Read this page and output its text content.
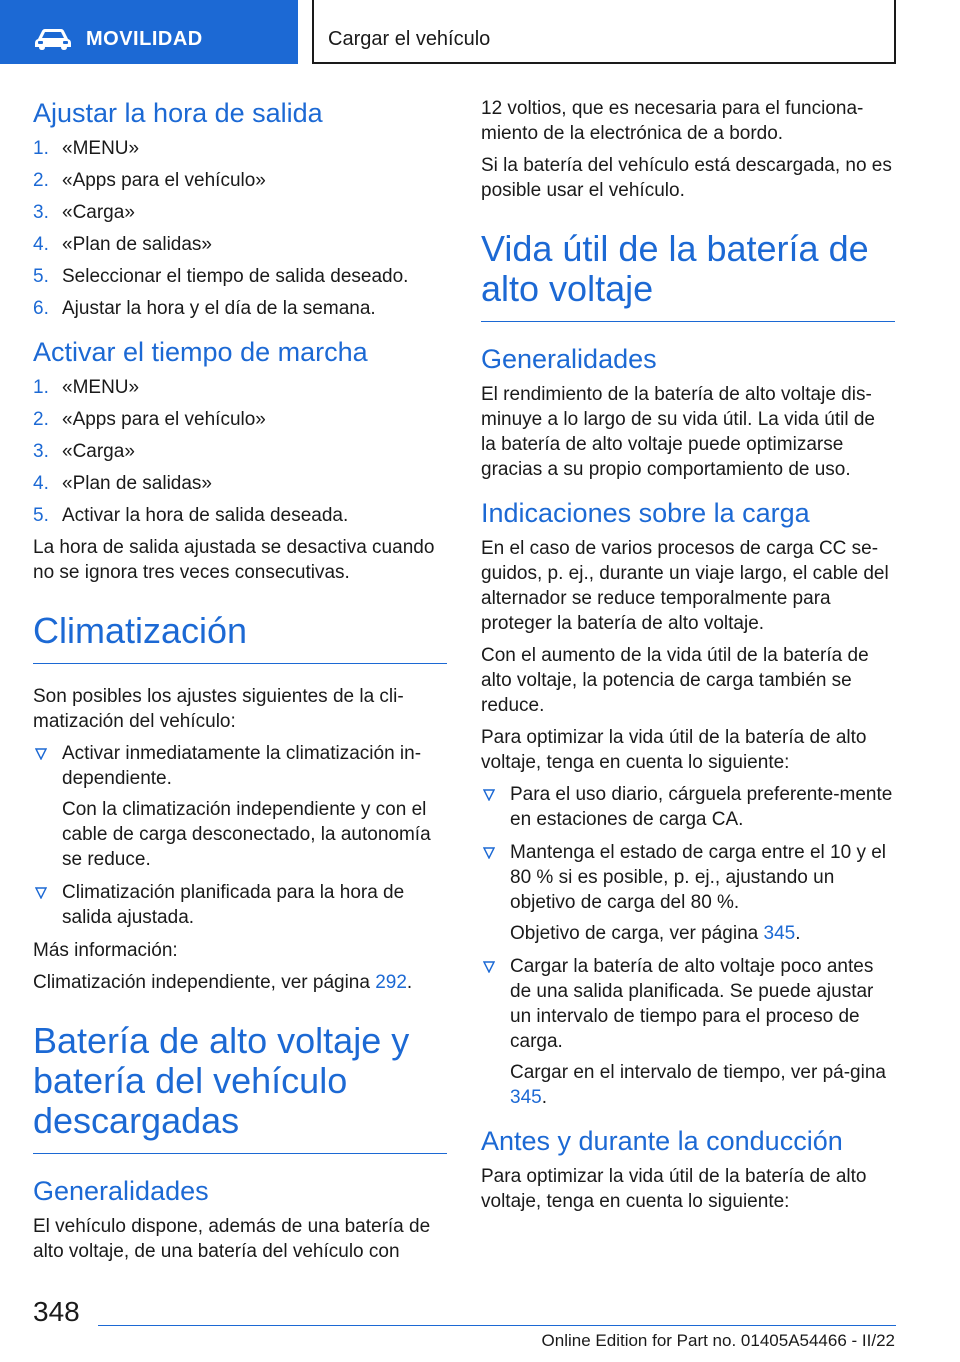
MOVILIDAD	Cargar el vehículo
Ajustar la hora de salida
1. «MENU»
2. «Apps para el vehículo»
3. «Carga»
4. «Plan de salidas»
5. Seleccionar el tiempo de salida deseado.
6. Ajustar la hora y el día de la semana.
Activar el tiempo de marcha
1. «MENU»
2. «Apps para el vehículo»
3. «Carga»
4. «Plan de salidas»
5. Activar la hora de salida deseada.

La hora de salida ajustada se desactiva cuando no se ignora tres veces consecutivas.

Climatización

Son posibles los ajustes siguientes de la cli-matización del vehículo:

Activar inmediatamente la climatización in-dependiente.

Con la climatización independiente y con el cable de carga desconectado, la autonomía se reduce.

Climatización planificada para la hora de salida ajustada.

Más información:

Climatización independiente, ver página 292.

Batería de alto voltaje y batería del vehículo descargadas
Generalidades

El vehículo dispone, además de una batería de alto voltaje, de una batería del vehículo con

12 voltios, que es necesaria para el funciona-miento de la electrónica de a bordo.

Si la batería del vehículo está descargada, no es posible usar el vehículo.

Vida útil de la batería de alto voltaje
Generalidades

El rendimiento de la batería de alto voltaje dis-minuye a lo largo de su vida útil. La vida útil de la batería de alto voltaje puede optimizarse gracias a su propio comportamiento de uso.

Indicaciones sobre la carga

En el caso de varios procesos de carga CC se-guidos, p. ej., durante un viaje largo, el cable del alternador se reduce temporalmente para proteger la batería de alto voltaje.

Con el aumento de la vida útil de la batería de alto voltaje, la potencia de carga también se reduce.

Para optimizar la vida útil de la batería de alto voltaje, tenga en cuenta lo siguiente:

Para el uso diario, cárguela preferente-mente en estaciones de carga CA.
Mantenga el estado de carga entre el 10 y el 80 % si es posible, p. ej., ajustando un objetivo de carga del 80 %.

Objetivo de carga, ver página 345.

Cargar la batería de alto voltaje poco antes de una salida planificada. Se puede ajustar un intervalo de tiempo para el proceso de carga.

Cargar en el intervalo de tiempo, ver pá-gina 345.

Antes y durante la conducción

Para optimizar la vida útil de la batería de alto voltaje, tenga en cuenta lo siguiente:

348
Online Edition for Part no. 01405A54466 - II/22
